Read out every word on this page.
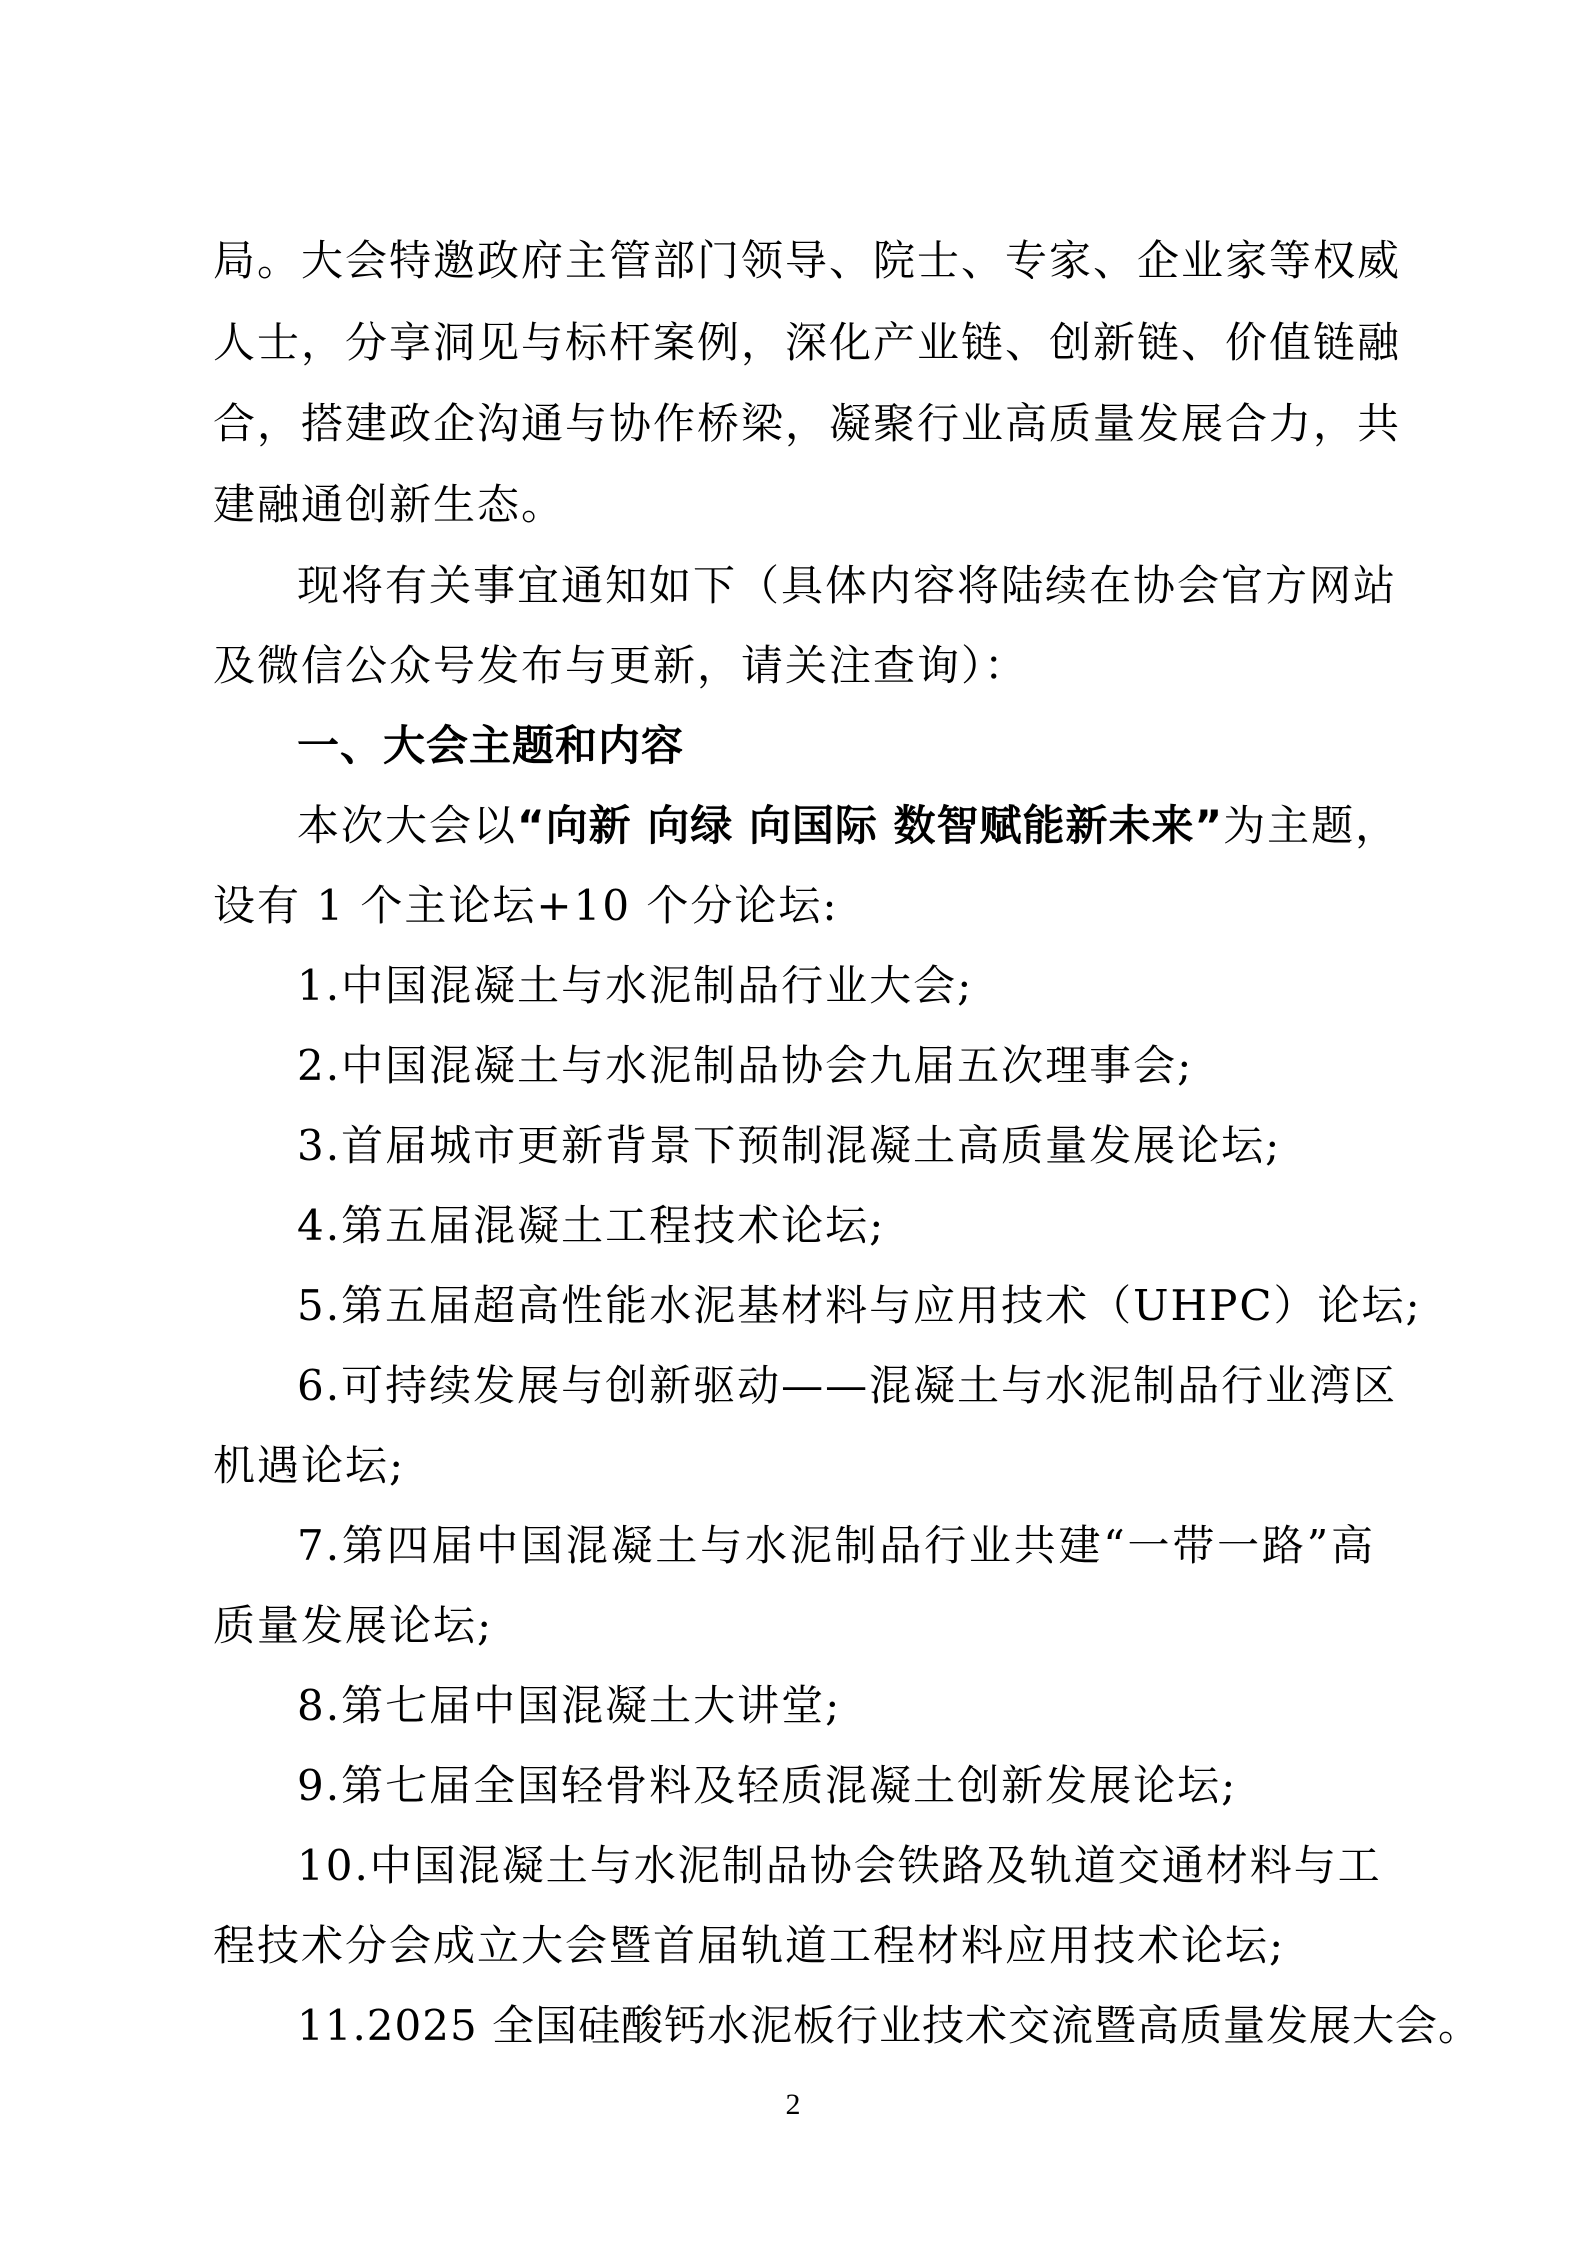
局。大会特邀政府主管部门领导、院士、专家、企业家等权威
人士，分享洞见与标杆案例，深化产业链、创新链、价值链融
合，搭建政企沟通与协作桥梁，凝聚行业高质量发展合力，共
建融通创新生态。
现将有关事宜通知如下（具体内容将陆续在协会官方网站
及微信公众号发布与更新，请关注查询）：
一、大会主题和内容
本次大会以 “向新 向绿 向国际 数智赋能新未来” 为主题，
设有 1 个主论坛+10 个分论坛:
1.中国混凝土与水泥制品行业大会;
2.中国混凝土与水泥制品协会九届五次理事会;
3.首届城市更新背景下预制混凝土高质量发展论坛;
4.第五届混凝土工程技术论坛;
5.第五届超高性能水泥基材料与应用技术（UHPC）论坛;
6.可持续发展与创新驱动——混凝土与水泥制品行业湾区
机遇论坛;
7.第四届中国混凝土与水泥制品行业共建“一带一路”高
质量发展论坛;
8.第七届中国混凝土大讲堂;
9.第七届全国轻骨料及轻质混凝土创新发展论坛;
10.中国混凝土与水泥制品协会铁路及轨道交通材料与工
程技术分会成立大会暨首届轨道工程材料应用技术论坛;
11.2025 全国硅酸钙水泥板行业技术交流暨高质量发展大会。
2
